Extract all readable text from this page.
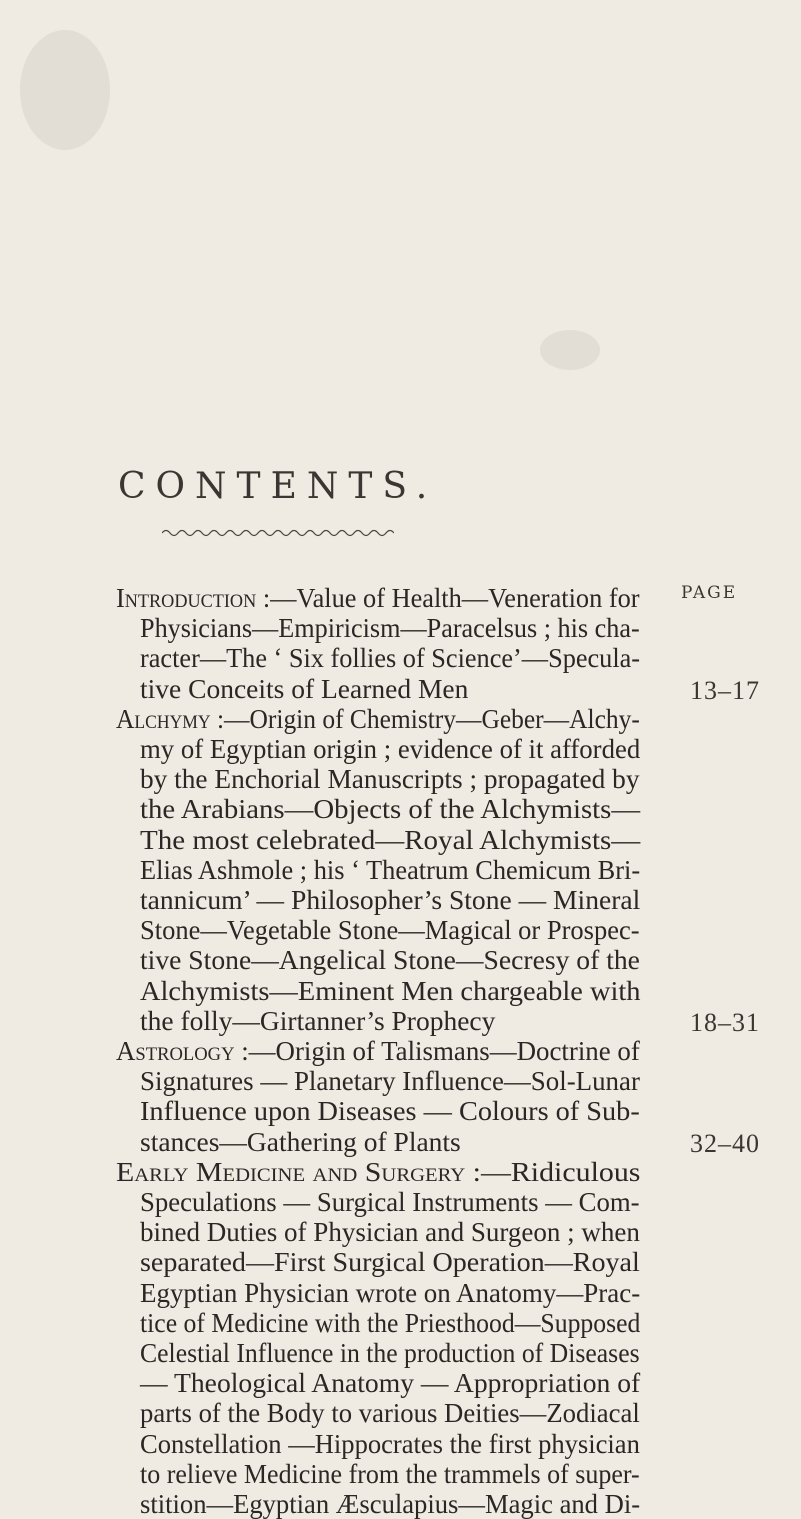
CONTENTS.
PAGE
Introduction :—Value of Health—Veneration for
Physicians—Empiricism—Paracelsus ; his cha-
racter—The ‘ Six follies of Science’—Specula-
tive Conceits of Learned Men	13–17
Alchymy :—Origin of Chemistry—Geber—Alchy-
my of Egyptian origin ; evidence of it afforded
by the Enchorial Manuscripts ; propagated by
the Arabians—Objects of the Alchymists—
The most celebrated—Royal Alchymists—
Elias Ashmole ; his ‘ Theatrum Chemicum Bri-
tannicum’ — Philosopher’s Stone — Mineral
Stone—Vegetable Stone—Magical or Prospec-
tive Stone—Angelical Stone—Secresy of the
Alchymists—Eminent Men chargeable with
the folly—Girtanner’s Prophecy	18–31
Astrology :—Origin of Talismans—Doctrine of
Signatures — Planetary Influence—Sol-Lunar
Influence upon Diseases — Colours of Sub-
stances—Gathering of Plants	32–40
Early Medicine and Surgery :—Ridiculous
Speculations — Surgical Instruments — Com-
bined Duties of Physician and Surgeon ; when
separated—First Surgical Operation—Royal
Egyptian Physician wrote on Anatomy—Prac-
tice of Medicine with the Priesthood—Supposed
Celestial Influence in the production of Diseases
— Theological Anatomy — Appropriation of
parts of the Body to various Deities—Zodiacal
Constellation —Hippocrates the first physician
to relieve Medicine from the trammels of super-
stition—Egyptian Æsculapius—Magic and Di-
